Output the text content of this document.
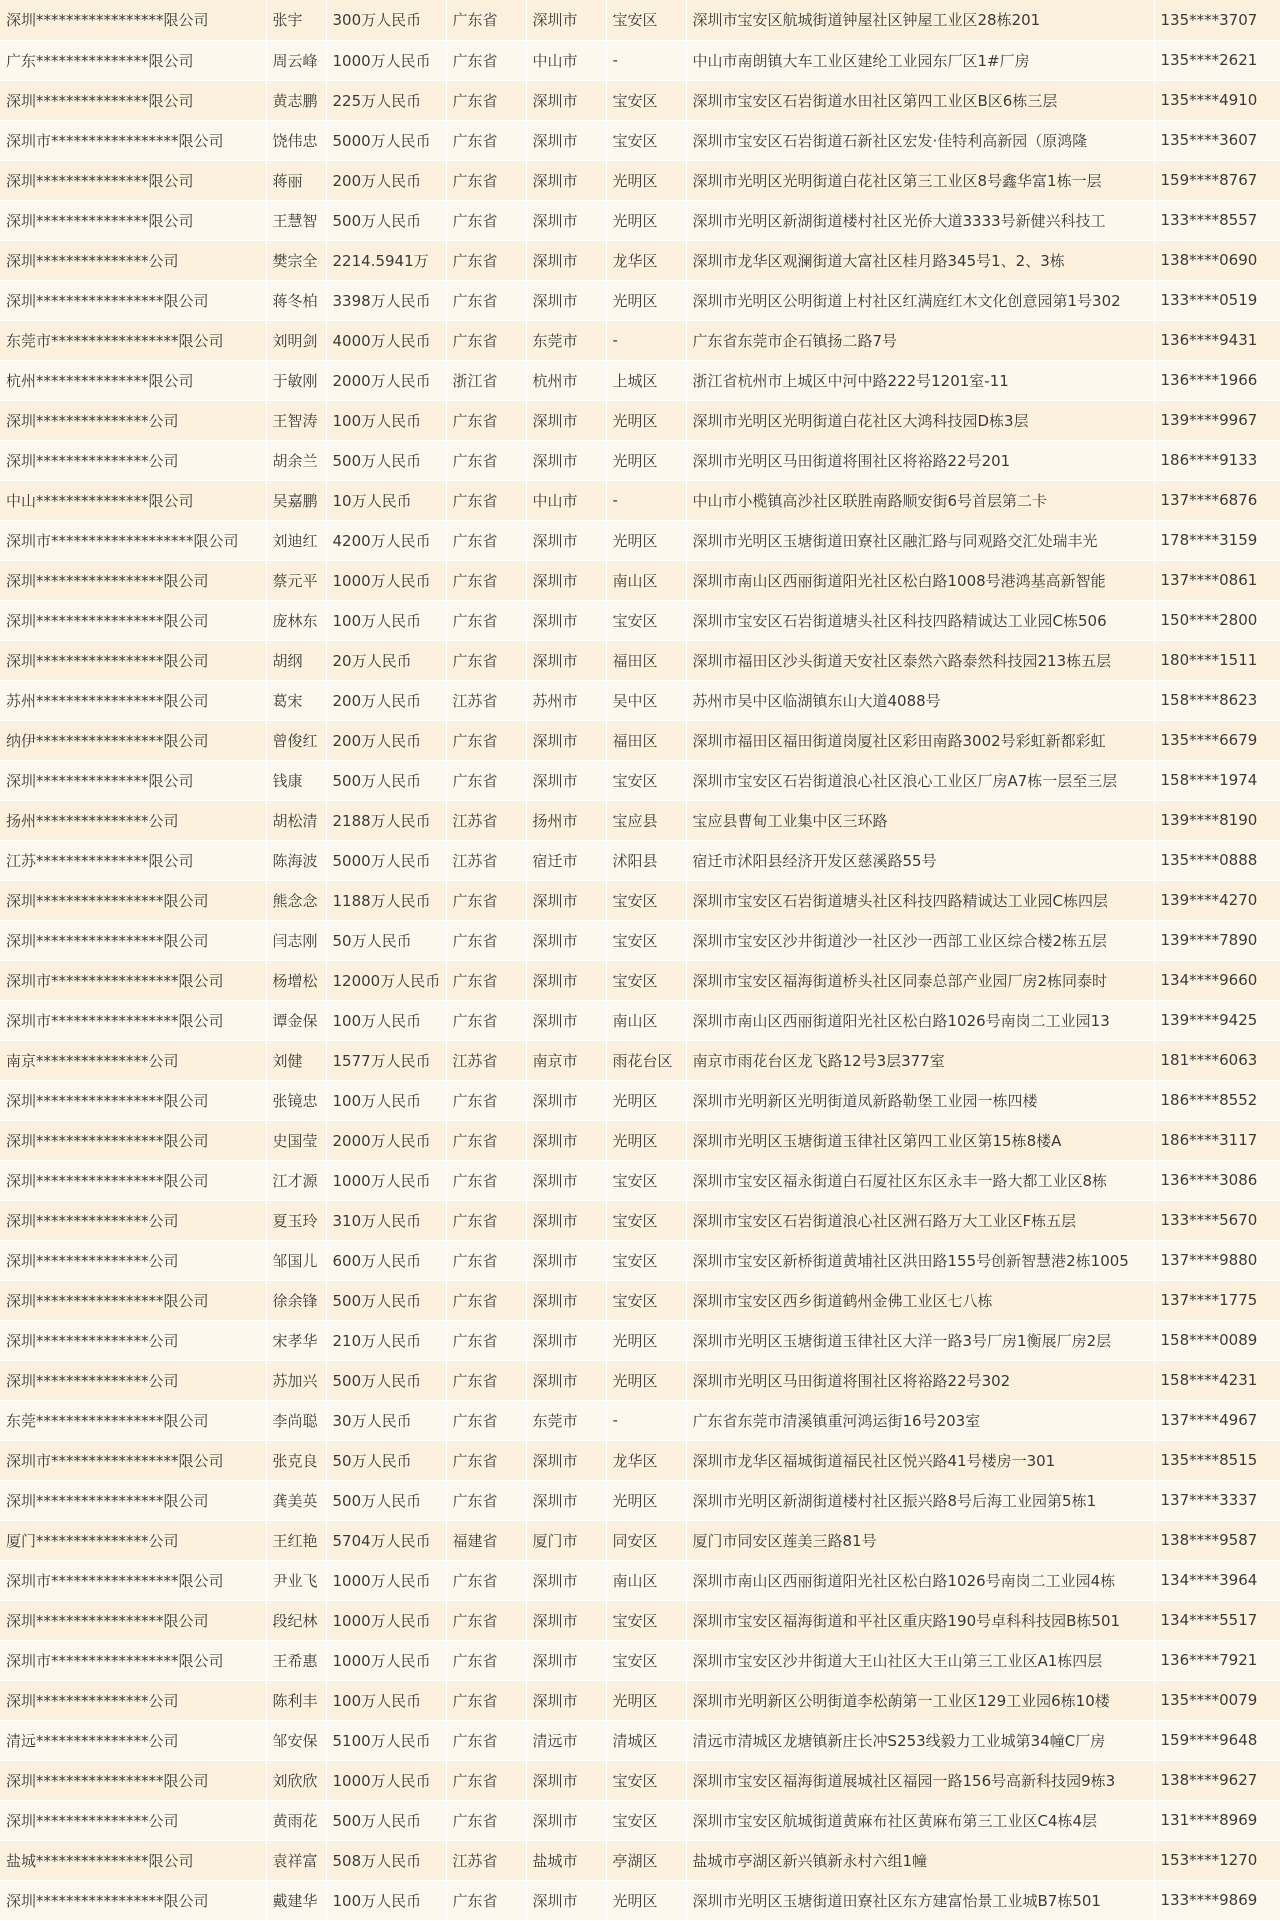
深圳*****************限公司	张宇	300万人民币	广东省	深圳市	宝安区	深圳市宝安区航城街道钟屋社区钟屋工业区28栋201	135****3707
广东***************限公司	周云峰	1000万人民币	广东省	中山市	-	中山市南朗镇大车工业区建纶工业园东厂区1#厂房	135****2621
深圳***************限公司	黄志鹏	225万人民币	广东省	深圳市	宝安区	深圳市宝安区石岩街道水田社区第四工业区B区6栋三层	135****4910
深圳市*****************限公司	饶伟忠	5000万人民币	广东省	深圳市	宝安区	深圳市宝安区石岩街道石新社区宏发·佳特利高新园（原鸿隆	135****3607
深圳***************限公司	蒋丽	200万人民币	广东省	深圳市	光明区	深圳市光明区光明街道白花社区第三工业区8号鑫华富1栋一层	159****8767
深圳***************限公司	王慧智	500万人民币	广东省	深圳市	光明区	深圳市光明区新湖街道楼村社区光侨大道3333号新健兴科技工	133****8557
深圳***************公司	樊宗全	2214.5941万	广东省	深圳市	龙华区	深圳市龙华区观澜街道大富社区桂月路345号1、2、3栋	138****0690
深圳*****************限公司	蒋冬柏	3398万人民币	广东省	深圳市	光明区	深圳市光明区公明街道上村社区红满庭红木文化创意园第1号302	133****0519
东莞市*****************限公司	刘明剑	4000万人民币	广东省	东莞市	-	广东省东莞市企石镇扬二路7号	136****9431
杭州***************限公司	于敏刚	2000万人民币	浙江省	杭州市	上城区	浙江省杭州市上城区中河中路222号1201室-11	136****1966
深圳***************公司	王智涛	100万人民币	广东省	深圳市	光明区	深圳市光明区光明街道白花社区大鸿科技园D栋3层	139****9967
深圳***************公司	胡余兰	500万人民币	广东省	深圳市	光明区	深圳市光明区马田街道将围社区将裕路22号201	186****9133
中山***************限公司	吴嘉鹏	10万人民币	广东省	中山市	-	中山市小榄镇高沙社区联胜南路顺安街6号首层第二卡	137****6876
深圳市*******************限公司	刘迪红	4200万人民币	广东省	深圳市	光明区	深圳市光明区玉塘街道田寮社区融汇路与同观路交汇处瑞丰光	178****3159
深圳*****************限公司	蔡元平	1000万人民币	广东省	深圳市	南山区	深圳市南山区西丽街道阳光社区松白路1008号港鸿基高新智能	137****0861
深圳*****************限公司	庞林东	100万人民币	广东省	深圳市	宝安区	深圳市宝安区石岩街道塘头社区科技四路精诚达工业园C栋506	150****2800
深圳*****************限公司	胡纲	20万人民币	广东省	深圳市	福田区	深圳市福田区沙头街道天安社区泰然六路泰然科技园213栋五层	180****1511
苏州*****************限公司	葛宋	200万人民币	江苏省	苏州市	吴中区	苏州市吴中区临湖镇东山大道4088号	158****8623
纳伊*****************限公司	曾俊红	200万人民币	广东省	深圳市	福田区	深圳市福田区福田街道岗厦社区彩田南路3002号彩虹新都彩虹	135****6679
深圳***************限公司	钱康	500万人民币	广东省	深圳市	宝安区	深圳市宝安区石岩街道浪心社区浪心工业区厂房A7栋一层至三层	158****1974
扬州***************公司	胡松清	2188万人民币	江苏省	扬州市	宝应县	宝应县曹甸工业集中区三环路	139****8190
江苏***************限公司	陈海波	5000万人民币	江苏省	宿迁市	沭阳县	宿迁市沭阳县经济开发区慈溪路55号	135****0888
深圳*****************限公司	熊念念	1188万人民币	广东省	深圳市	宝安区	深圳市宝安区石岩街道塘头社区科技四路精诚达工业园C栋四层	139****4270
深圳*****************限公司	闫志刚	50万人民币	广东省	深圳市	宝安区	深圳市宝安区沙井街道沙一社区沙一西部工业区综合楼2栋五层	139****7890
深圳市*****************限公司	杨增松	12000万人民币	广东省	深圳市	宝安区	深圳市宝安区福海街道桥头社区同泰总部产业园厂房2栋同泰时	134****9660
深圳市*****************限公司	谭金保	100万人民币	广东省	深圳市	南山区	深圳市南山区西丽街道阳光社区松白路1026号南岗二工业园13	139****9425
南京***************公司	刘健	1577万人民币	江苏省	南京市	雨花台区	南京市雨花台区龙飞路12号3层377室	181****6063
深圳*****************限公司	张镜忠	100万人民币	广东省	深圳市	光明区	深圳市光明新区光明街道凤新路勒堡工业园一栋四楼	186****8552
深圳*****************限公司	史国莹	2000万人民币	广东省	深圳市	光明区	深圳市光明区玉塘街道玉律社区第四工业区第15栋8楼A	186****3117
深圳*****************限公司	江才源	1000万人民币	广东省	深圳市	宝安区	深圳市宝安区福永街道白石厦社区东区永丰一路大都工业区8栋	136****3086
深圳***************公司	夏玉玲	310万人民币	广东省	深圳市	宝安区	深圳市宝安区石岩街道浪心社区洲石路万大工业区F栋五层	133****5670
深圳***************公司	邹国儿	600万人民币	广东省	深圳市	宝安区	深圳市宝安区新桥街道黄埔社区洪田路155号创新智慧港2栋1005	137****9880
深圳*****************限公司	徐余锋	500万人民币	广东省	深圳市	宝安区	深圳市宝安区西乡街道鹤州金佛工业区七八栋	137****1775
深圳***************公司	宋孝华	210万人民币	广东省	深圳市	光明区	深圳市光明区玉塘街道玉律社区大洋一路3号厂房1衡展厂房2层	158****0089
深圳***************公司	苏加兴	500万人民币	广东省	深圳市	光明区	深圳市光明区马田街道将围社区将裕路22号302	158****4231
东莞*****************限公司	李尚聪	30万人民币	广东省	东莞市	-	广东省东莞市清溪镇重河鸿运街16号203室	137****4967
深圳市*****************限公司	张克良	50万人民币	广东省	深圳市	龙华区	深圳市龙华区福城街道福民社区悦兴路41号楼房一301	135****8515
深圳*****************限公司	龚美英	500万人民币	广东省	深圳市	光明区	深圳市光明区新湖街道楼村社区振兴路8号后海工业园第5栋1	137****3337
厦门***************公司	王红艳	5704万人民币	福建省	厦门市	同安区	厦门市同安区莲美三路81号	138****9587
深圳市*****************限公司	尹业飞	1000万人民币	广东省	深圳市	南山区	深圳市南山区西丽街道阳光社区松白路1026号南岗二工业园4栋	134****3964
深圳*****************限公司	段纪林	1000万人民币	广东省	深圳市	宝安区	深圳市宝安区福海街道和平社区重庆路190号卓科科技园B栋501	134****5517
深圳市*****************限公司	王希惠	1000万人民币	广东省	深圳市	宝安区	深圳市宝安区沙井街道大王山社区大王山第三工业区A1栋四层	136****7921
深圳***************公司	陈利丰	100万人民币	广东省	深圳市	光明区	深圳市光明新区公明街道李松蓢第一工业区129工业园6栋10楼	135****0079
清远***************公司	邹安保	5100万人民币	广东省	清远市	清城区	清远市清城区龙塘镇新庄长冲S253线毅力工业城第34幢C厂房	159****9648
深圳*****************限公司	刘欣欣	1000万人民币	广东省	深圳市	宝安区	深圳市宝安区福海街道展城社区福园一路156号高新科技园9栋3	138****9627
深圳***************公司	黄雨花	500万人民币	广东省	深圳市	宝安区	深圳市宝安区航城街道黄麻布社区黄麻布第三工业区C4栋4层	131****8969
盐城***************限公司	袁祥富	508万人民币	江苏省	盐城市	亭湖区	盐城市亭湖区新兴镇新永村六组1幢	153****1270
深圳*****************限公司	戴建华	100万人民币	广东省	深圳市	光明区	深圳市光明区玉塘街道田寮社区东方建富怡景工业城B7栋501	133****9869
